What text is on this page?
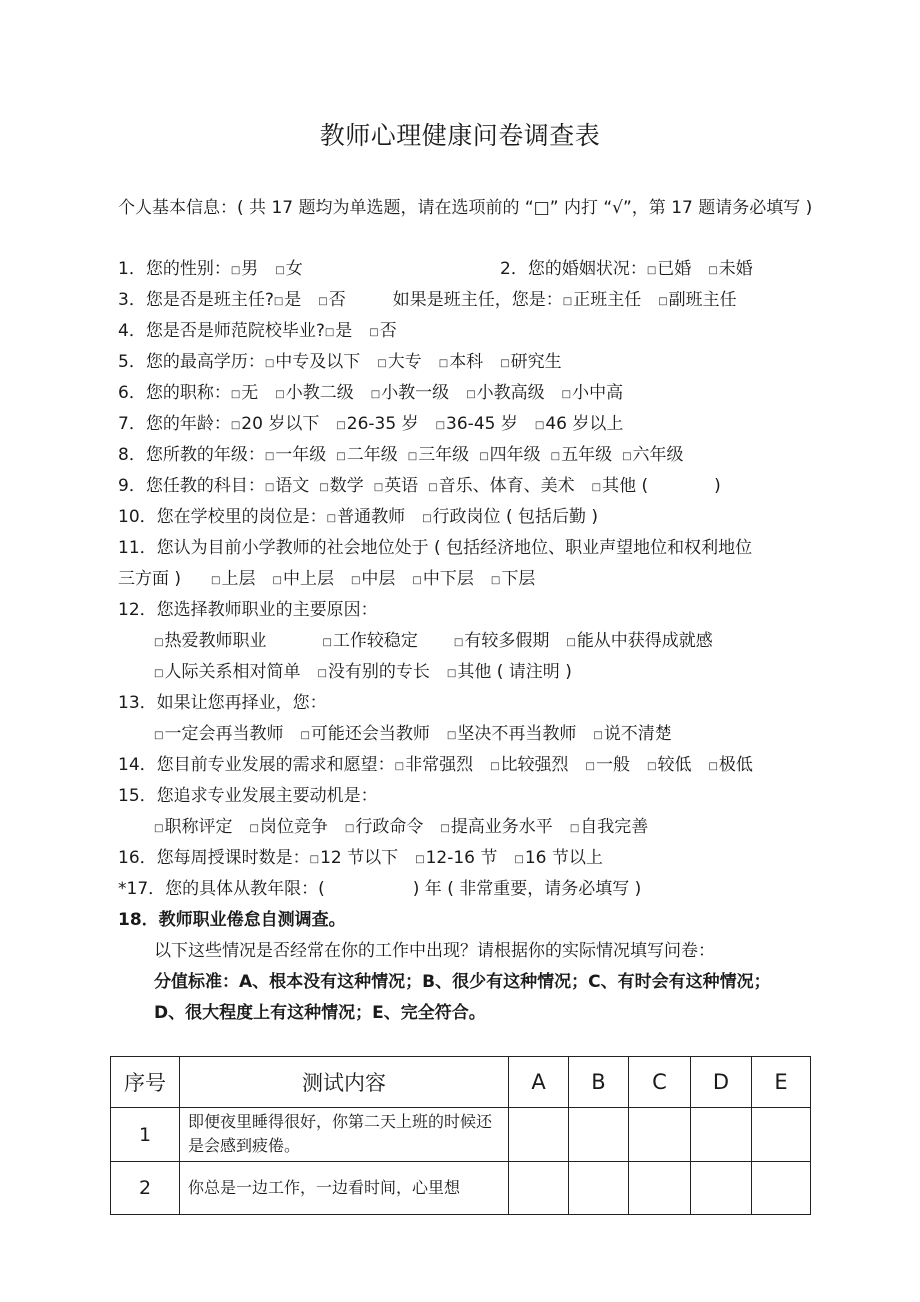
教师心理健康问卷调查表
个人基本信息：( 共 17 题均为单选题，请在选项前的 “□” 内打 “√”，第 17 题请务必填写 )
1．您的性别：□男 □女	2．您的婚姻状况：□已婚 □未婚
3．您是否是班主任?□是 □否	如果是班主任，您是：□正班主任 □副班主任
4．您是否是师范院校毕业?□是 □否
5．您的最高学历：□中专及以下 □大专 □本科 □研究生
6．您的职称：□无 □小教二级 □小教一级 □小教高级 □小中高
7．您的年龄：□20 岁以下 □26-35 岁 □36-45 岁 □46 岁以上
8．您所教的年级：□一年级 □二年级 □三年级 □四年级 □五年级 □六年级
9．您任教的科目：□语文 □数学 □英语 □音乐、体育、美术 □其他 (	)
10．您在学校里的岗位是：□普通教师 □行政岗位 ( 包括后勤 )
11．您认为目前小学教师的社会地位处于 ( 包括经济地位、职业声望地位和权利地位
三方面 )	□上层 □中上层 □中层 □中下层 □下层
12．您选择教师职业的主要原因：
□热爱教师职业	□工作较稳定	□有较多假期 □能从中获得成就感
□人际关系相对简单 □没有别的专长 □其他 ( 请注明 )
13．如果让您再择业，您：
□一定会再当教师 □可能还会当教师 □坚决不再当教师 □说不清楚
14．您目前专业发展的需求和愿望：□非常强烈 □比较强烈 □一般 □较低 □极低
15．您追求专业发展主要动机是：
□职称评定 □岗位竞争 □行政命令 □提高业务水平 □自我完善
16．您每周授课时数是：□12 节以下 □12-16 节 □16 节以上
*17．您的具体从教年限：(	) 年 ( 非常重要，请务必填写 )
18．教师职业倦怠自测调查。
以下这些情况是否经常在你的工作中出现？请根据你的实际情况填写问卷：
分值标准：A、根本没有这种情况；B、很少有这种情况；C、有时会有这种情况；
D、很大程度上有这种情况；E、完全符合。
序号	测试内容	A	B	C	D	E
1	即便夜里睡得很好，你第二天上班的时候还是会感到疲倦。					
2	你总是一边工作，一边看时间，心里想					
